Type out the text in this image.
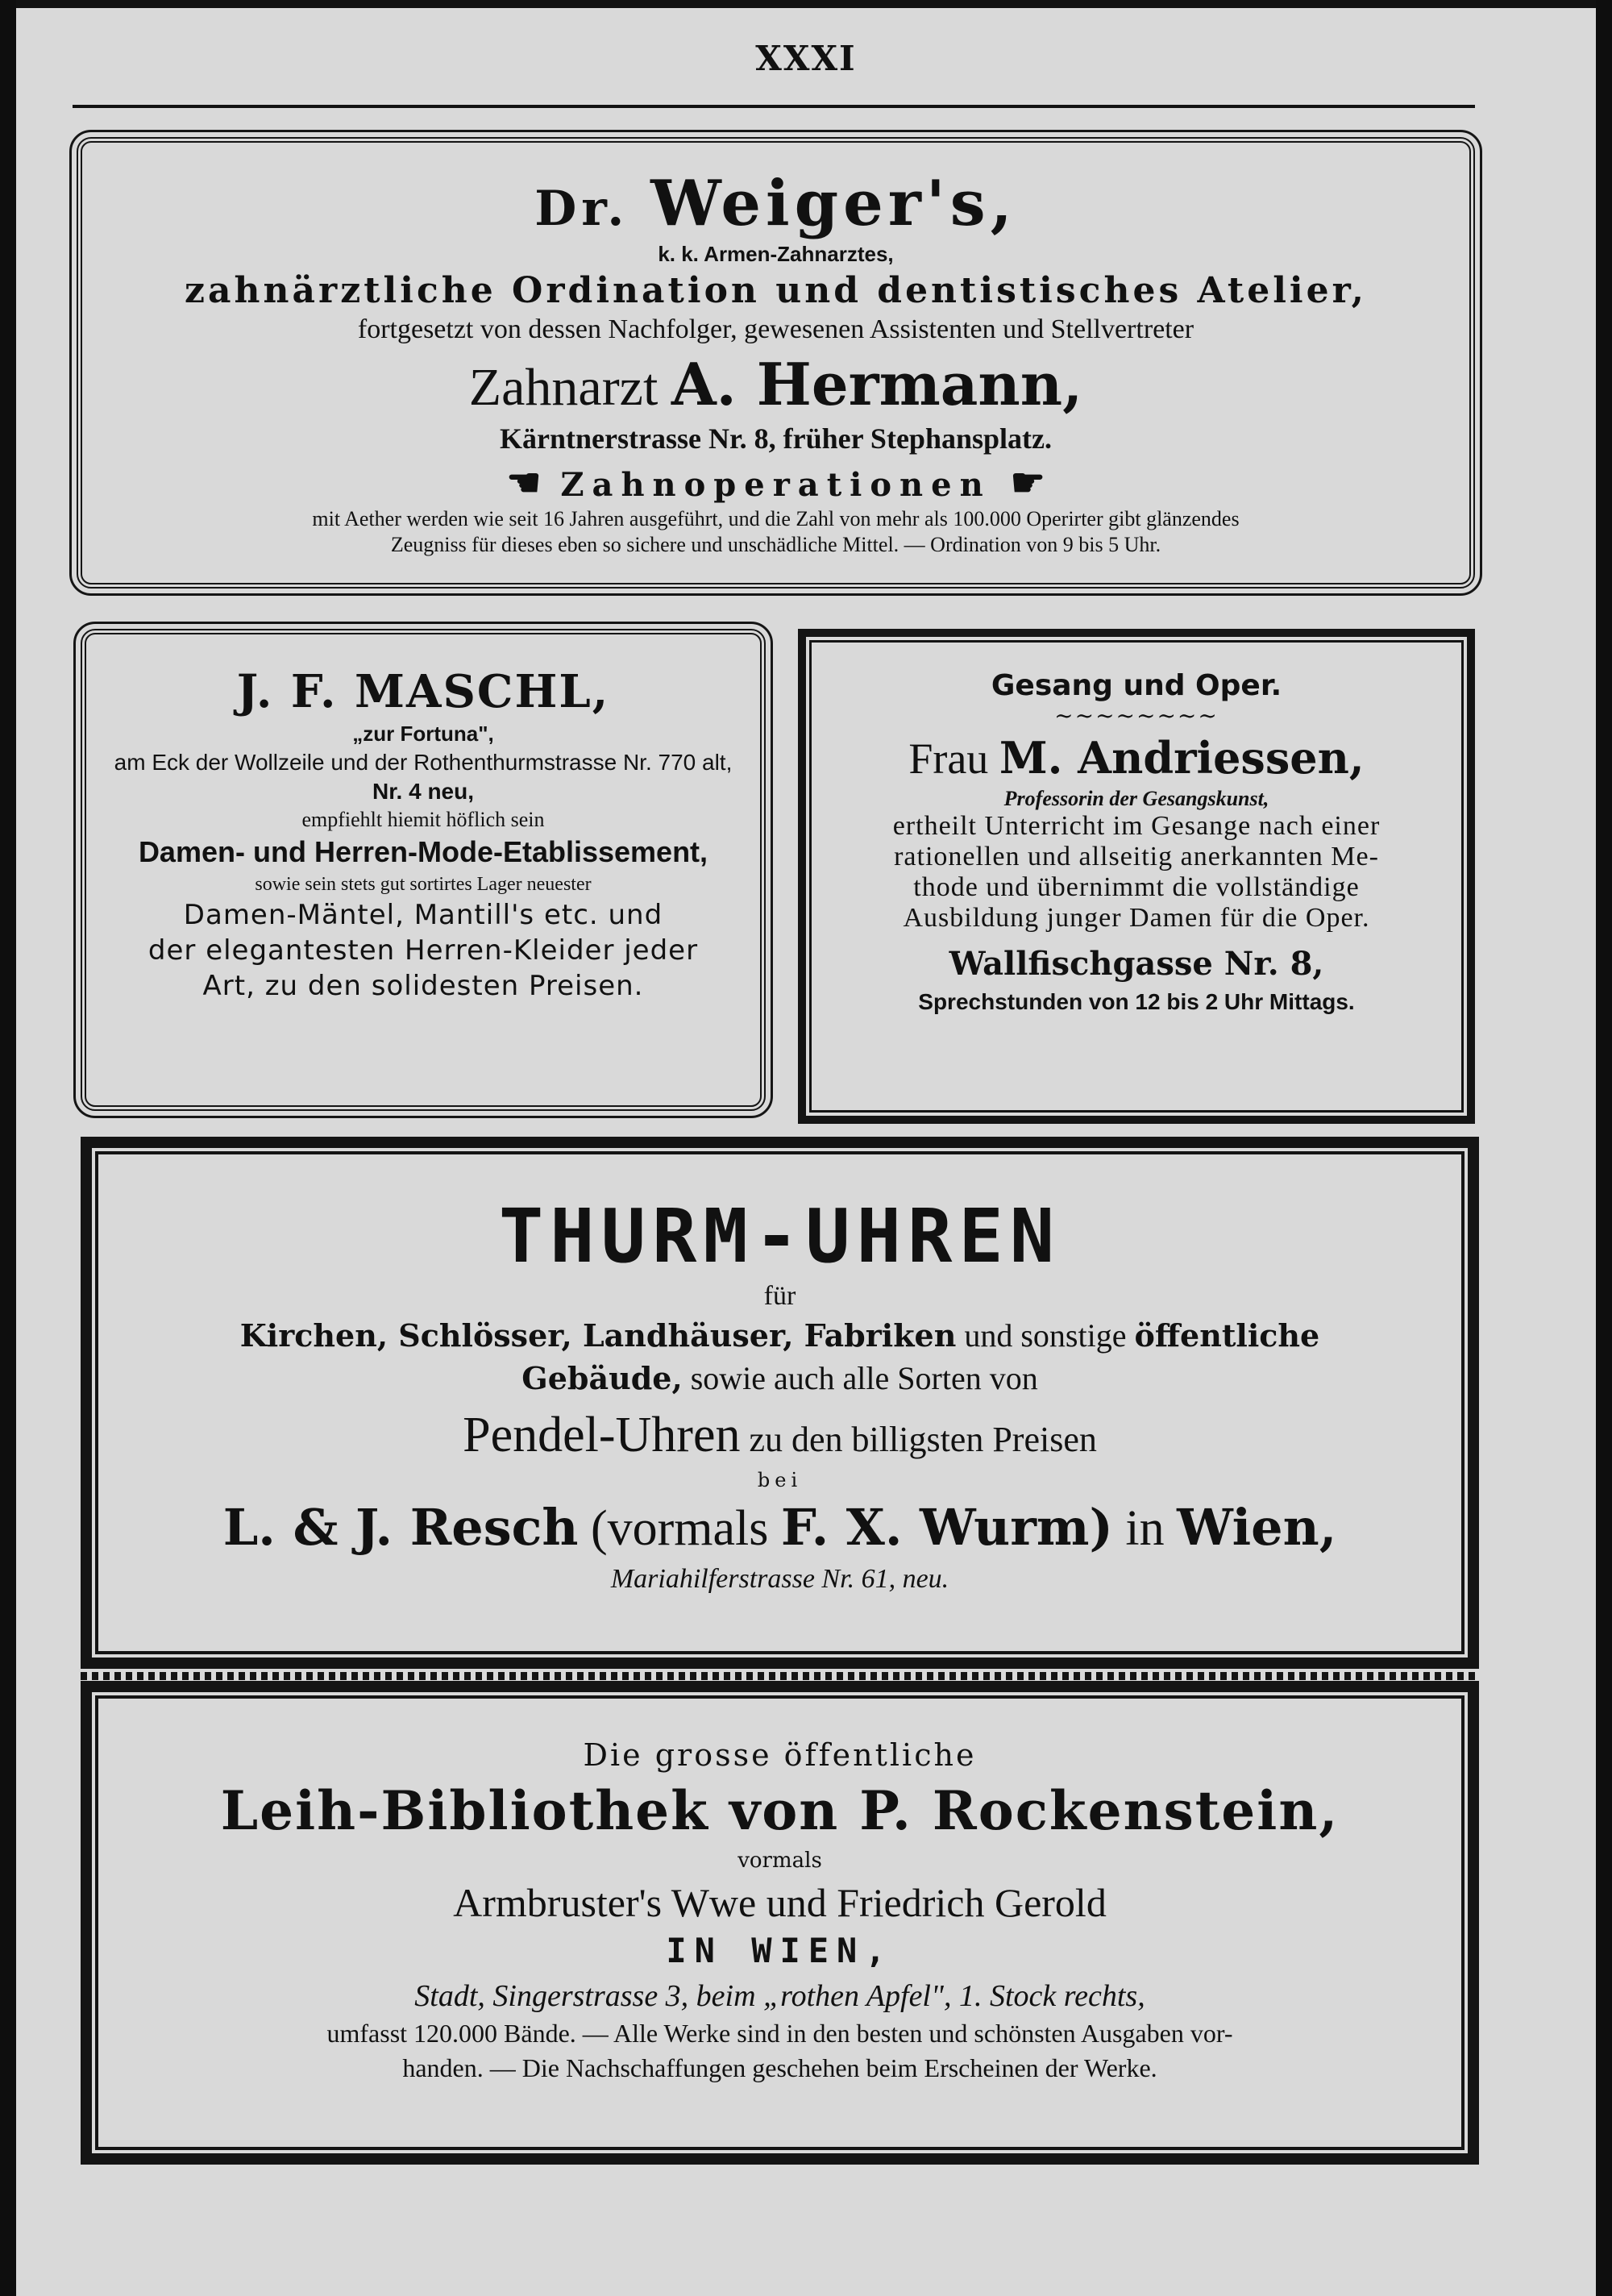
XXXI
Dr. Weiger's,
k. k. Armen-Zahnarztes,
zahnärztliche Ordination und dentistisches Atelier,
fortgesetzt von dessen Nachfolger, gewesenen Assistenten und Stellvertreter
Zahnarzt A. Hermann,
Kärntnerstrasse Nr. 8, früher Stephansplatz.
☚ Zahnoperationen ☛
mit Aether werden wie seit 16 Jahren ausgeführt, und die Zahl von mehr als 100.000 Operirter gibt glänzendes
Zeugniss für dieses eben so sichere und unschädliche Mittel. — Ordination von 9 bis 5 Uhr.
J. F. MASCHL,
„zur Fortuna",
am Eck der Wollzeile und der Rothenthurmstrasse Nr. 770 alt,
Nr. 4 neu,
empfiehlt hiemit höflich sein
Damen- und Herren-Mode-Etablissement,
sowie sein stets gut sortirtes Lager neuester
Damen-Mäntel, Mantill's etc. und
der elegantesten Herren-Kleider jeder
Art, zu den solidesten Preisen.
Gesang und Oper.
~~~~~~~~
Frau M. Andriessen,
Professorin der Gesangskunst,
ertheilt Unterricht im Gesange nach einer
rationellen und allseitig anerkannten Me-
thode und übernimmt die vollständige
Ausbildung junger Damen für die Oper.
Wallfischgasse Nr. 8,
Sprechstunden von 12 bis 2 Uhr Mittags.
THURM-UHREN
für
Kirchen, Schlösser, Landhäuser, Fabriken und sonstige öffentliche
Gebäude, sowie auch alle Sorten von
Pendel-Uhren zu den billigsten Preisen
bei
L. & J. Resch (vormals F. X. Wurm) in Wien,
Mariahilferstrasse Nr. 61, neu.
Die grosse öffentliche
Leih-Bibliothek von P. Rockenstein,
vormals
Armbruster's Wwe und Friedrich Gerold
IN WIEN,
Stadt, Singerstrasse 3, beim „rothen Apfel", 1. Stock rechts,
umfasst 120.000 Bände. — Alle Werke sind in den besten und schönsten Ausgaben vor-
handen. — Die Nachschaffungen geschehen beim Erscheinen der Werke.
